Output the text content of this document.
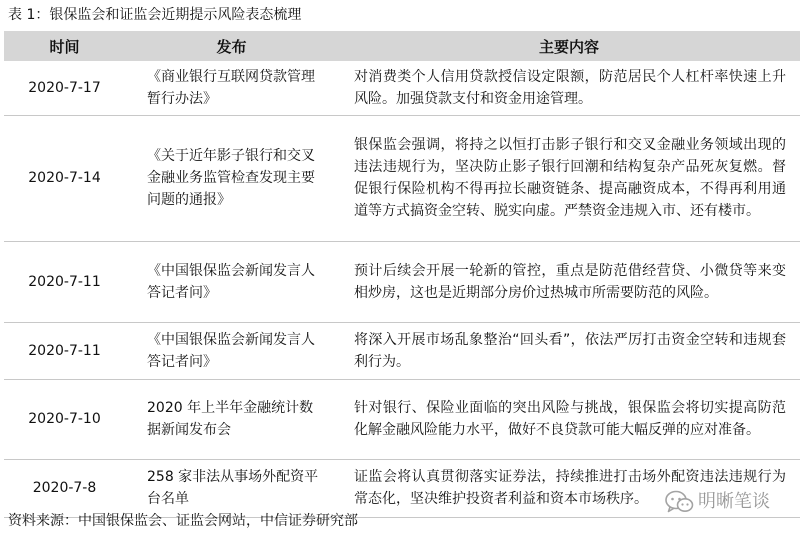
表 1：银保监会和证监会近期提示风险表态梳理
时间	发布	主要内容
2020-7-17	《商业银行互联网贷款管理暂行办法》	对消费类个人信用贷款授信设定限额，防范居民个人杠杆率快速上升风险。加强贷款支付和资金用途管理。
2020-7-14	《关于近年影子银行和交叉金融业务监管检查发现主要问题的通报》	银保监会强调，将持之以恒打击影子银行和交叉金融业务领域出现的违法违规行为，坚决防止影子银行回潮和结构复杂产品死灰复燃。督促银行保险机构不得再拉长融资链条、提高融资成本，不得再利用通道等方式搞资金空转、脱实向虚。严禁资金违规入市、还有楼市。
2020-7-11	《中国银保监会新闻发言人答记者问》	预计后续会开展一轮新的管控，重点是防范借经营贷、小微贷等来变相炒房，这也是近期部分房价过热城市所需要防范的风险。
2020-7-11	《中国银保监会新闻发言人答记者问》	将深入开展市场乱象整治“回头看”，依法严厉打击资金空转和违规套利行为。
2020-7-10	2020 年上半年金融统计数据新闻发布会	针对银行、保险业面临的突出风险与挑战，银保监会将切实提高防范化解金融风险能力水平，做好不良贷款可能大幅反弹的应对准备。
2020-7-8	258 家非法从事场外配资平台名单	证监会将认真贯彻落实证券法，持续推进打击场外配资违法违规行为常态化，坚决维护投资者利益和资本市场秩序。
资料来源：中国银保监会、证监会网站，中信证券研究部
明晰笔谈
